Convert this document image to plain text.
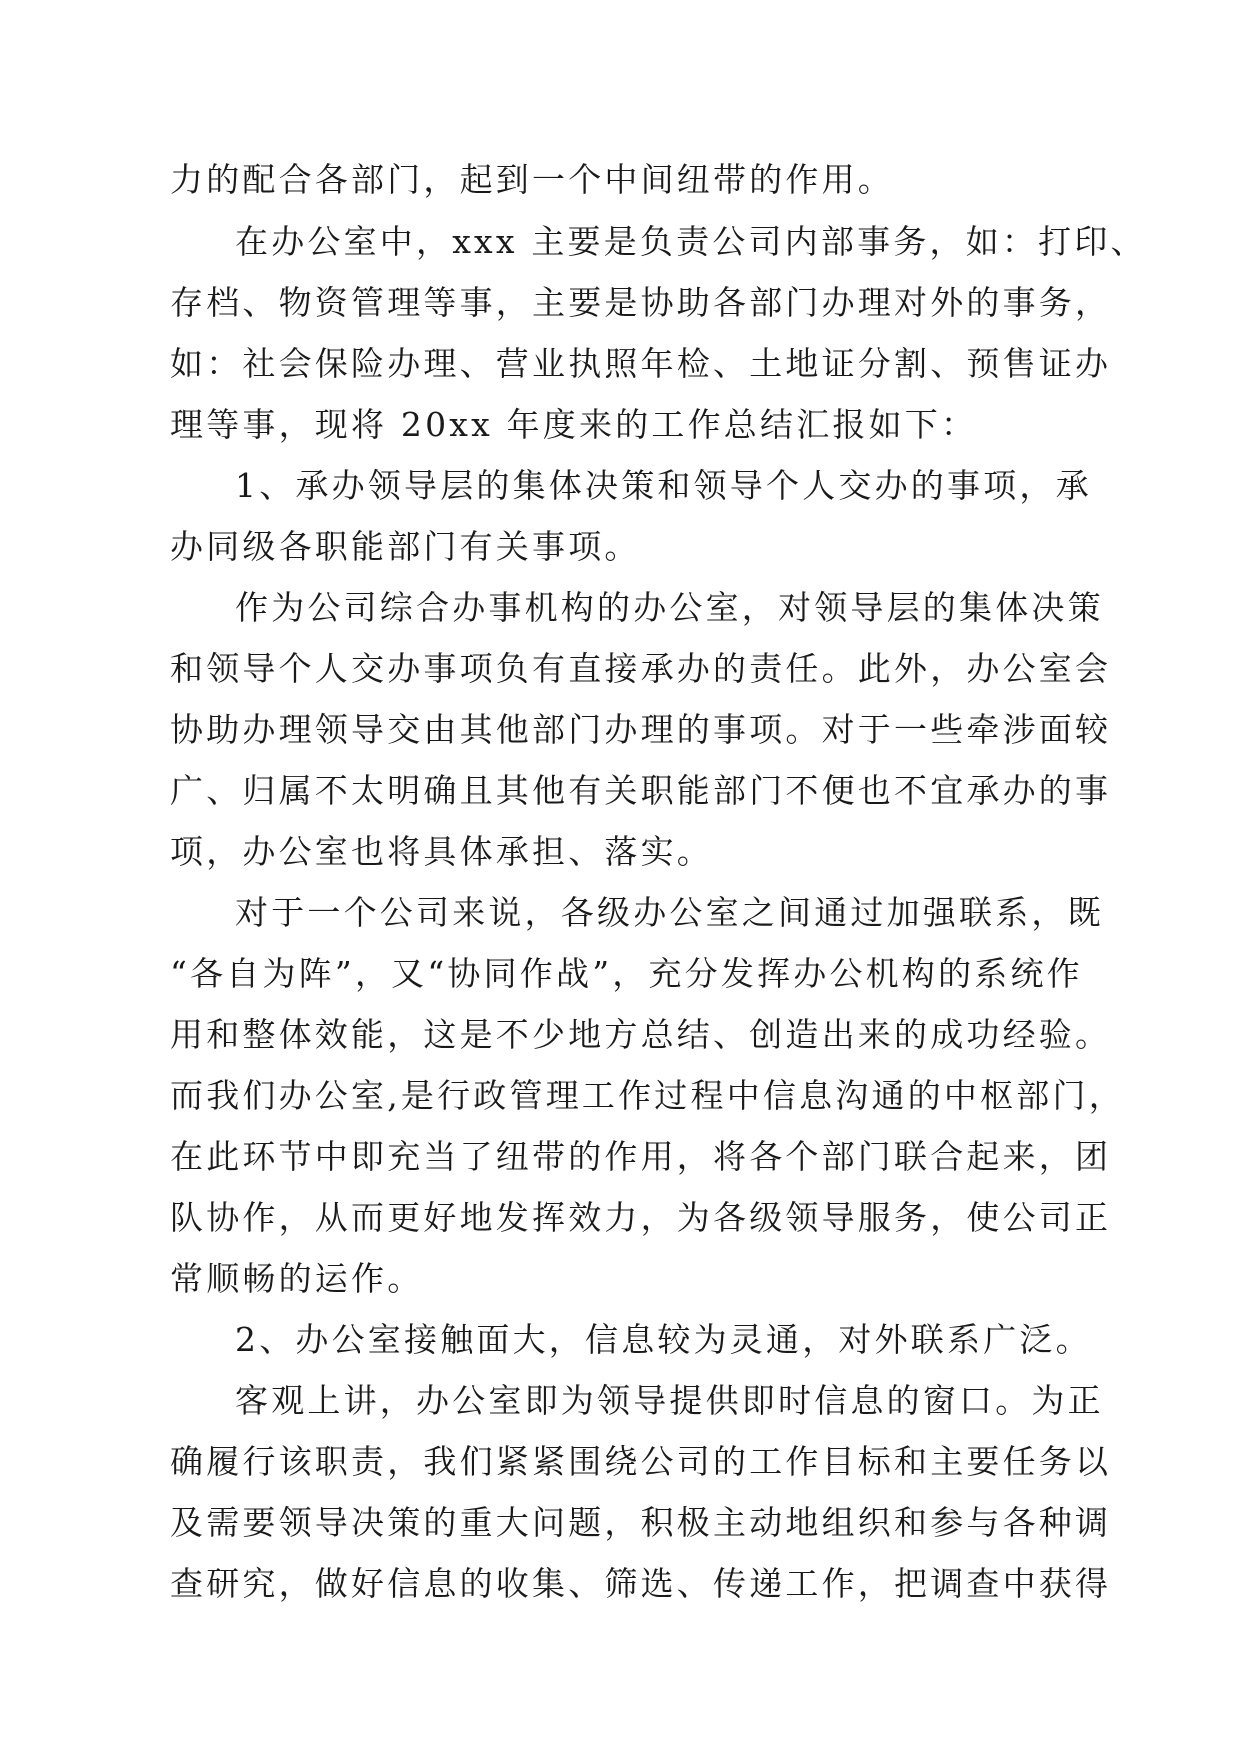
力的配合各部门，起到一个中间纽带的作用。
在办公室中，xxx 主要是负责公司内部事务，如：打印、
存档、物资管理等事，主要是协助各部门办理对外的事务，
如：社会保险办理、营业执照年检、土地证分割、预售证办
理等事，现将 20xx 年度来的工作总结汇报如下：
1、承办领导层的集体决策和领导个人交办的事项，承
办同级各职能部门有关事项。
作为公司综合办事机构的办公室，对领导层的集体决策
和领导个人交办事项负有直接承办的责任。此外，办公室会
协助办理领导交由其他部门办理的事项。对于一些牵涉面较
广、归属不太明确且其他有关职能部门不便也不宜承办的事
项，办公室也将具体承担、落实。
对于一个公司来说，各级办公室之间通过加强联系，既
“各自为阵”，又“协同作战”，充分发挥办公机构的系统作
用和整体效能，这是不少地方总结、创造出来的成功经验。
而我们办公室,是行政管理工作过程中信息沟通的中枢部门，
在此环节中即充当了纽带的作用，将各个部门联合起来，团
队协作，从而更好地发挥效力，为各级领导服务，使公司正
常顺畅的运作。
2、办公室接触面大，信息较为灵通，对外联系广泛。
客观上讲，办公室即为领导提供即时信息的窗口。为正
确履行该职责，我们紧紧围绕公司的工作目标和主要任务以
及需要领导决策的重大问题，积极主动地组织和参与各种调
查研究，做好信息的收集、筛选、传递工作，把调查中获得
